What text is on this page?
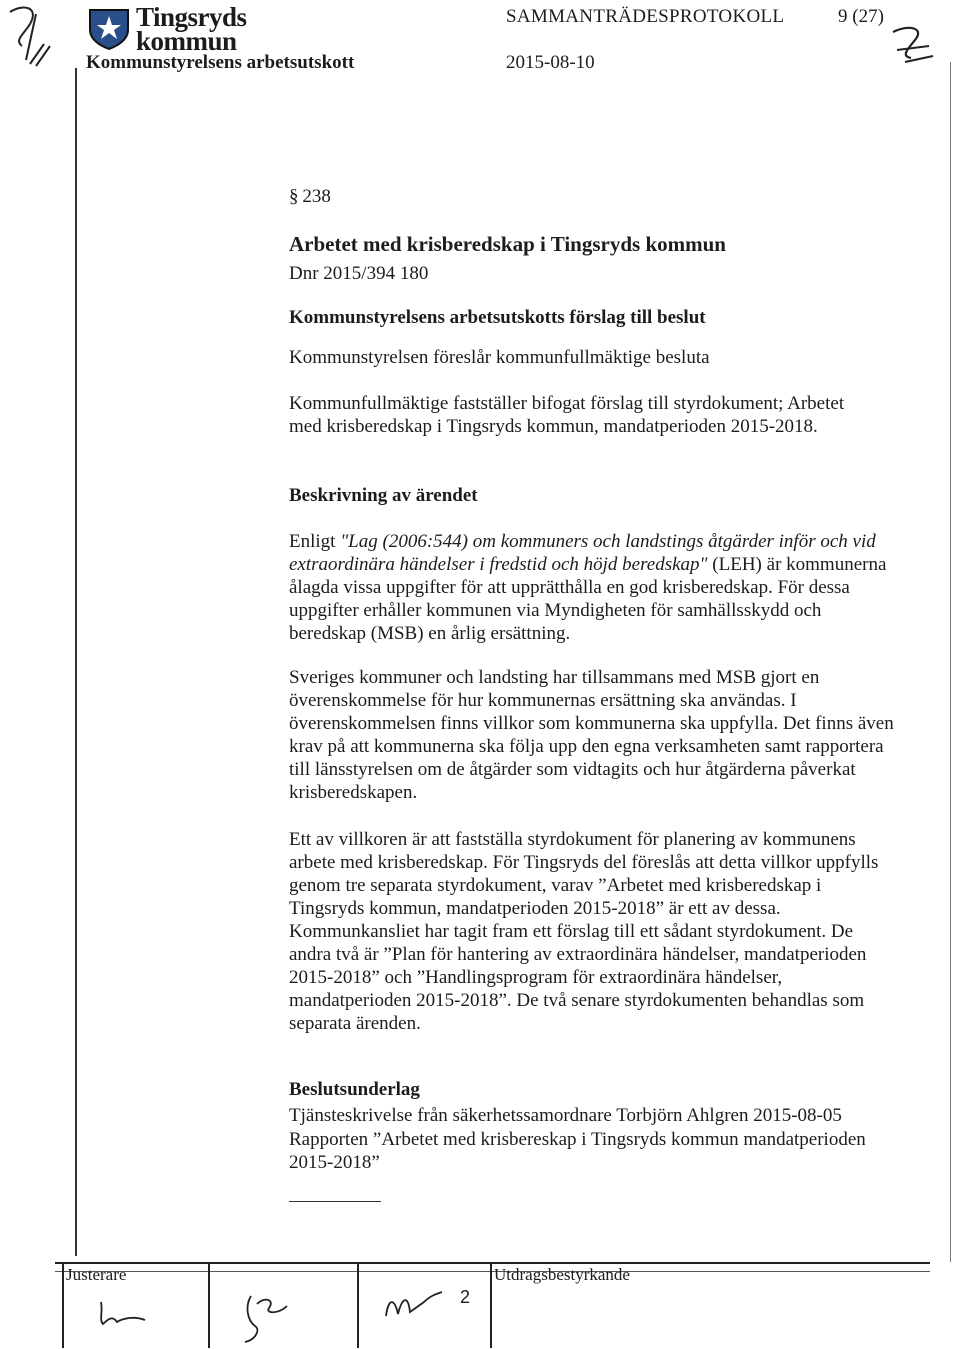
Tingsryds
kommun
Kommunstyrelsens arbetsutskott
SAMMANTRÄDESPROTOKOLL	9 (27)
2015-08-10
§ 238
Arbetet med krisberedskap i Tingsryds kommun
Dnr 2015/394 180
Kommunstyrelsens arbetsutskotts förslag till beslut
Kommunstyrelsen föreslår kommunfullmäktige besluta
Kommunfullmäktige fastställer bifogat förslag till styrdokument; Arbetet med krisberedskap i Tingsryds kommun, mandatperioden 2015-2018.
Beskrivning av ärendet

Enligt "Lag (2006:544) om kommuners och landstings åtgärder inför och vid extraordinära händelser i fredstid och höjd beredskap" (LEH) är kommunerna ålagda vissa uppgifter för att upprätthålla en god krisberedskap. För dessa uppgifter erhåller kommunen via Myndigheten för samhällsskydd och beredskap (MSB) en årlig ersättning.

Sveriges kommuner och landsting har tillsammans med MSB gjort en överenskommelse för hur kommunernas ersättning ska användas. I överenskommelsen finns villkor som kommunerna ska uppfylla. Det finns även krav på att kommunerna ska följa upp den egna verksamheten samt rapportera till länsstyrelsen om de åtgärder som vidtagits och hur åtgärderna påverkat krisberedskapen.
Ett av villkoren är att fastställa styrdokument för planering av kommunens arbete med krisberedskap. För Tingsryds del föreslås att detta villkor uppfylls genom tre separata styrdokument, varav ”Arbetet med krisberedskap i Tingsryds kommun, mandatperioden 2015-2018” är ett av dessa. Kommunkansliet har tagit fram ett förslag till ett sådant styrdokument. De andra två är ”Plan för hantering av extraordinära händelser, mandatperioden 2015-2018” och ”Handlingsprogram för extraordinära händelser, mandatperioden 2015-2018”. De två senare styrdokumenten behandlas som separata ärenden.
Beslutsunderlag
Tjänsteskrivelse från säkerhetssamordnare Torbjörn Ahlgren 2015-08-05
Rapporten ”Arbetet med krisbereskap i Tingsryds kommun mandatperioden 2015-2018”
Justerare	Utdragsbestyrkande
2
